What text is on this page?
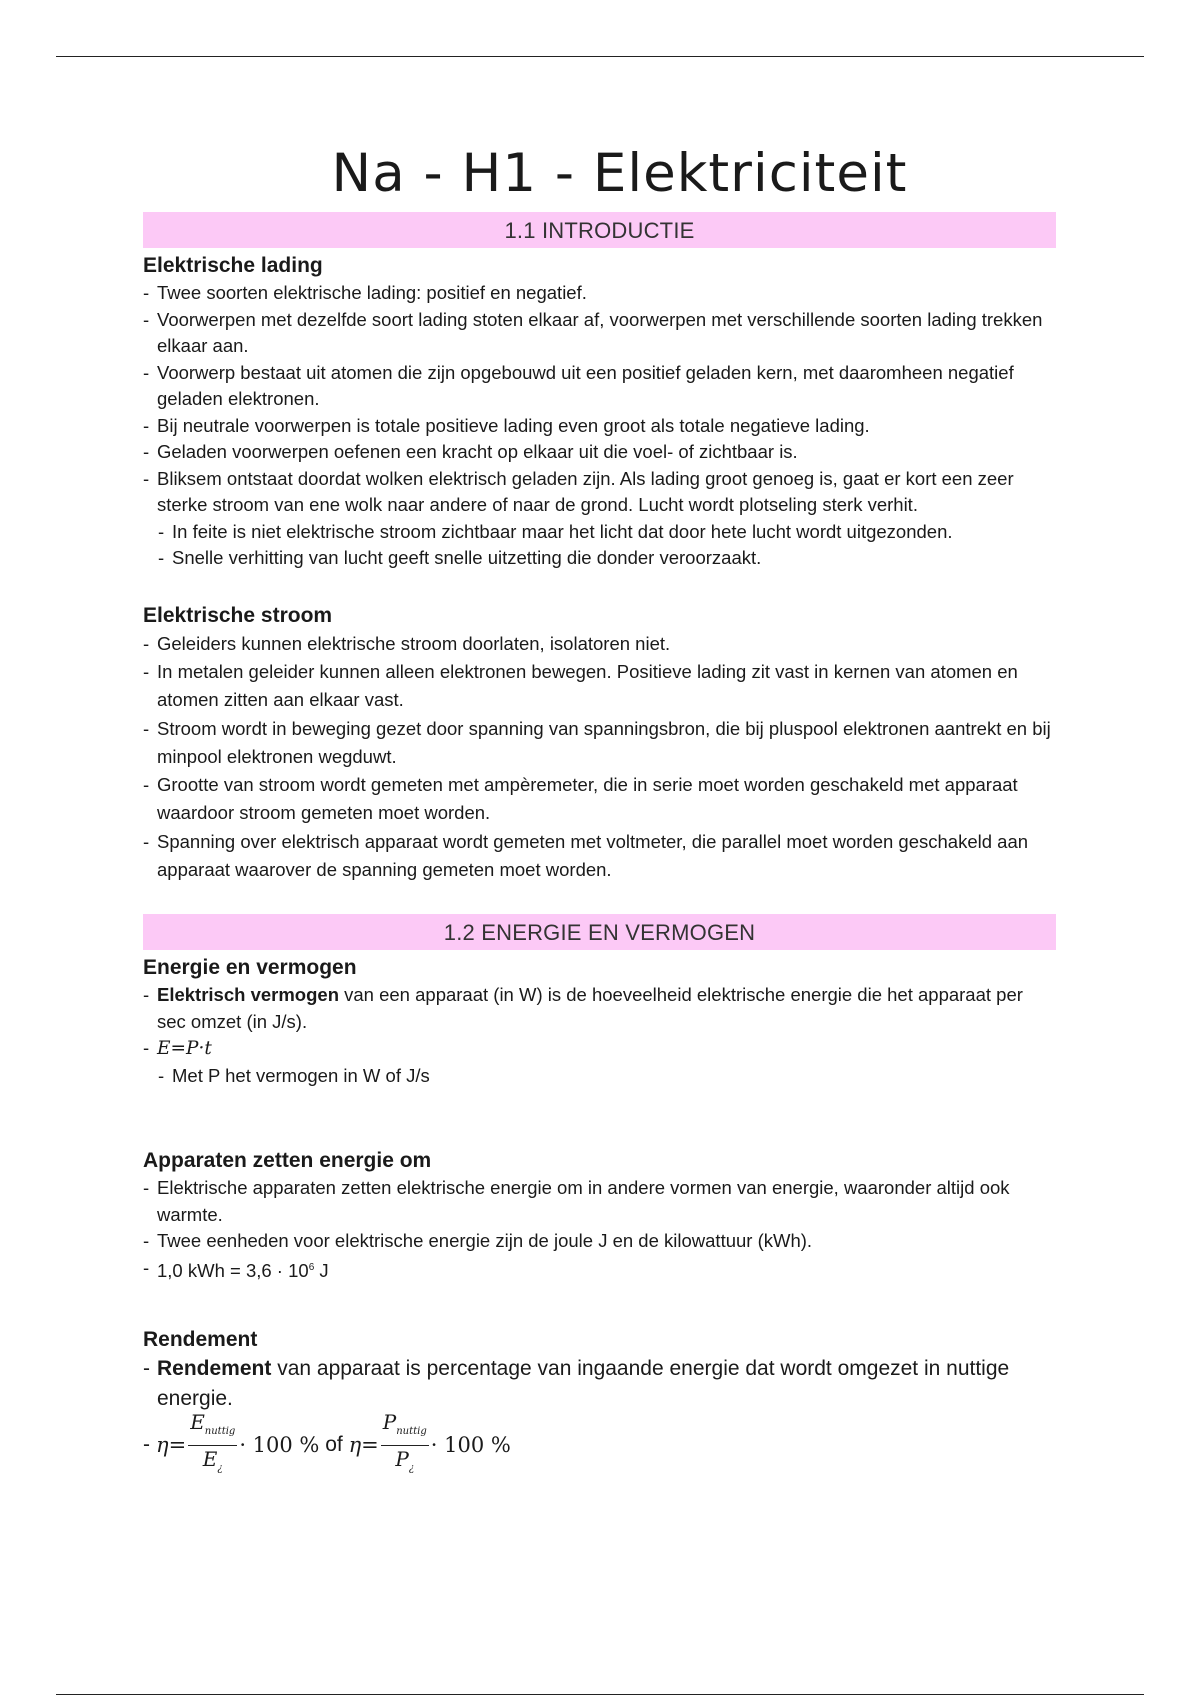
Na - H1 - Elektriciteit
1.1 INTRODUCTIE
Elektrische lading
- Twee soorten elektrische lading: positief en negatief.
- Voorwerpen met dezelfde soort lading stoten elkaar af, voorwerpen met verschillende soorten lading trekken elkaar aan.
- Voorwerp bestaat uit atomen die zijn opgebouwd uit een positief geladen kern, met daaromheen negatief geladen elektronen.
- Bij neutrale voorwerpen is totale positieve lading even groot als totale negatieve lading.
- Geladen voorwerpen oefenen een kracht op elkaar uit die voel- of zichtbaar is.
- Bliksem ontstaat doordat wolken elektrisch geladen zijn. Als lading groot genoeg is, gaat er kort een zeer sterke stroom van ene wolk naar andere of naar de grond. Lucht wordt plotseling sterk verhit.
- In feite is niet elektrische stroom zichtbaar maar het licht dat door hete lucht wordt uitgezonden.
- Snelle verhitting van lucht geeft snelle uitzetting die donder veroorzaakt.
Elektrische stroom
- Geleiders kunnen elektrische stroom doorlaten, isolatoren niet.
- In metalen geleider kunnen alleen elektronen bewegen. Positieve lading zit vast in kernen van atomen en atomen zitten aan elkaar vast.
- Stroom wordt in beweging gezet door spanning van spanningsbron, die bij pluspool elektronen aantrekt en bij minpool elektronen wegduwt.
- Grootte van stroom wordt gemeten met ampèremeter, die in serie moet worden geschakeld met apparaat waardoor stroom gemeten moet worden.
- Spanning over elektrisch apparaat wordt gemeten met voltmeter, die parallel moet worden geschakeld aan apparaat waarover de spanning gemeten moet worden.
1.2 ENERGIE EN VERMOGEN
Energie en vermogen
- Elektrisch vermogen van een apparaat (in W) is de hoeveelheid elektrische energie die het apparaat per sec omzet (in J/s).
- E=P·t
- Met P het vermogen in W of J/s
Apparaten zetten energie om
- Elektrische apparaten zetten elektrische energie om in andere vormen van energie, waaronder altijd ook warmte.
- Twee eenheden voor elektrische energie zijn de joule J en de kilowattuur (kWh).
- 1,0 kWh = $3,6 \cdot 10^6$ J
Rendement
- Rendement van apparaat is percentage van ingaande energie dat wordt omgezet in nuttige energie.
- $\eta= \frac{E_{nuttig}}{E_¿} \cdot 100$ % of $\eta= \frac{P_{nuttig}}{P_¿} \cdot 100$ %
